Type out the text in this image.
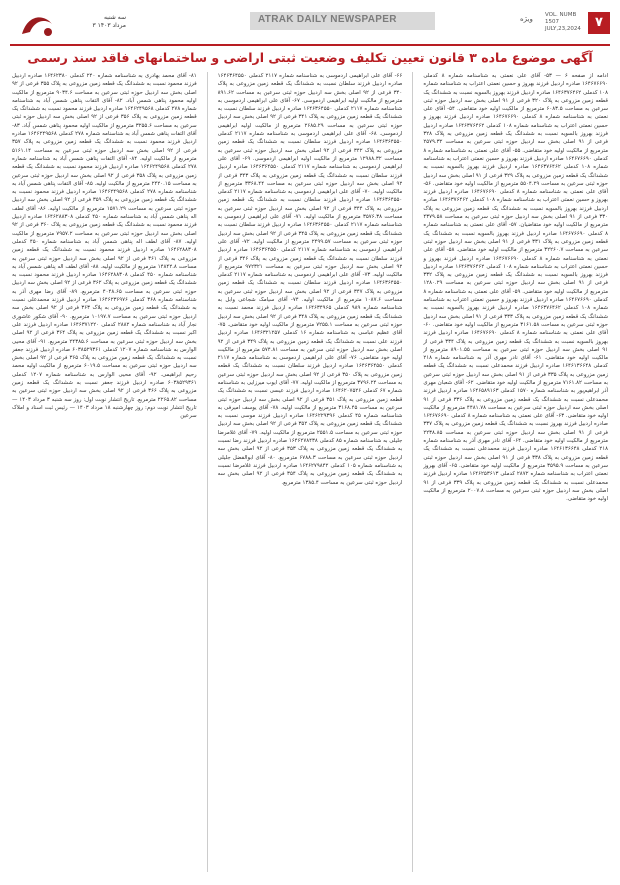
سه شنبه
۳ مرداد ۱۴۰۳
ATRAK DAILY NEWSPAPER	ویژه VOL. NUMB 1507
JULY,23,2024	۷
آگهی موضوع ماده ۳ قانون تعیین تکلیف وضعیت ثبتی اراضی و ساختمانهای فاقد سند رسمی

ادامه از صفحه ۶ — ۵۳- آقای علی نعمتی به شناسنامه شماره ۸ کدملی ۱۶۴۶۷۶۶۹۰ صادره اردبیل فرزند بهروز و حسین نعمتی اعتراب به شناسنامه شماره ۱۰۸ کدملی ۱۶۴۶۳۷۶۴۶۲ صادره اردبیل فرزند بهروز بالسویه نسبت به ششدانگ یک قطعه زمین مزروعی به پلاک ۳۲۰ فرعی از ۹۱ اصلی بخش سه اردبیل حوزه ثبتی سرعین به مساحت ۶۰۸۳.۵ مترمربع از مالکیت اولیه خود متقاضی. ۵۴- آقای علی نعمتی به شناسنامه شماره ۸ کدملی ۱۶۴۶۷۶۶۹۰ صادره اردبیل فرزند بهروز و حسین نعمتی اعتراب به شناسنامه شماره ۱۰۸ کدملی ۱۶۴۶۳۷۶۴۶۲ صادره اردبیل فرزند بهروز بالسویه نسبت به ششدانگ یک قطعه زمین مزروعی به پلاک ۳۲۸ فرعی از ۹۱ اصلی بخش سه اردبیل حوزه ثبتی سرعین به مساحت ۲۵۷۹.۳۲ مترمربع از مالکیت اولیه خود متقاضی. ۵۵- آقای علی نعمتی به شناسنامه شماره ۸ کدملی ۱۶۴۶۷۶۶۹۰ صادره اردبیل فرزند بهروز و حسین نعمتی اعتراب به شناسنامه شماره ۱۰۸ کدملی ۱۶۴۶۳۷۶۴۶۲ صادره اردبیل فرزند بهروز بالسویه نسبت به ششدانگ یک قطعه زمین مزروعی به پلاک ۳۲۹ فرعی از ۹۱ اصلی بخش سه اردبیل حوزه ثبتی سرعین به مساحت ۵۵۰۴.۲۹ مترمربع از مالکیت اولیه خود متقاضی. ۵۶- آقای علی نعمتی به شناسنامه شماره ۸ کدملی ۱۶۴۶۷۶۶۹۰ صادره اردبیل فرزند بهروز و حسین نعمتی اعتراب به شناسنامه شماره ۱۰۸ کدملی ۱۶۴۶۳۷۶۴۶۲ صادره اردبیل فرزند بهروز بالسویه نسبت به ششدانگ یک قطعه زمین مزروعی به پلاک ۳۳۰ فرعی از ۹۱ اصلی بخش سه اردبیل حوزه ثبتی سرعین به مساحت ۴۳۷۹.۵۸ مترمربع از مالکیت اولیه خود متقاضیان. ۵۷- آقای علی نعمتی به شناسنامه شماره ۸ کدملی ۱۶۴۶۷۶۶۹۰ صادره اردبیل فرزند بهروز بالسویه نسبت به ششدانگ یک قطعه زمین مزروعی به پلاک ۳۳۱ فرعی از ۹۱ اصلی بخش سه اردبیل حوزه ثبتی سرعین به مساحت ۳۲۲۶۰.۷ مترمربع از مالکیت اولیه خود متقاضی. ۵۸- آقای علی نعمتی به شناسنامه شماره ۸ کدملی ۱۶۴۶۷۶۶۹۰ صادره اردبیل فرزند بهروز و حسین نعمتی اعتراب به شناسنامه شماره ۱۰۸ کدملی ۱۶۴۶۳۷۶۴۶۲ صادره اردبیل فرزند بهروز بالسویه نسبت به ششدانگ یک قطعه زمین مزروعی به پلاک ۳۳۲ فرعی از ۹۱ اصلی بخش سه اردبیل حوزه ثبتی سرعین به مساحت ۱۲۸۰.۲۹ مترمربع از مالکیت اولیه خود متقاضی. ۵۹- آقای علی نعمتی به شناسنامه شماره ۸ کدملی ۱۶۴۶۷۶۶۹۰ صادره اردبیل فرزند بهروز و حسین نعمتی اعتراب به شناسنامه شماره ۱۰۸ کدملی ۱۶۴۶۳۷۶۴۶۲ صادره اردبیل فرزند بهروز بالسویه نسبت به ششدانگ یک قطعه زمین مزروعی به پلاک ۳۳۳ فرعی از ۹۱ اصلی بخش سه اردبیل حوزه ثبتی سرعین به مساحت ۳۱۶۱.۵۸ مترمربع از مالکیت اولیه خود متقاضی. ۶۰- آقای علی نعمتی به شناسنامه شماره ۸ کدملی ۱۶۴۶۷۶۶۹۰ صادره اردبیل فرزند بهروز بالسویه نسبت به ششدانگ یک قطعه زمین مزروعی به پلاک ۳۳۴ فرعی از ۹۱ اصلی بخش سه اردبیل حوزه ثبتی سرعین به مساحت ۸۹۰۱.۵۵ مترمربع از مالکیت اولیه خود متقاضی. ۶۱- آقای نادر مهری آذر به شناسنامه شماره ۲۱۸ کدملی ۱۶۴۶۱۳۶۶۴۸ صادره اردبیل فرزند محمدعلی نسبت به ششدانگ یک قطعه زمین مزروعی به پلاک ۳۳۵ فرعی از ۹۱ اصلی بخش سه اردبیل حوزه ثبتی سرعین به مساحت ۷۱۶۱.۸۲ مترمربع از مالکیت اولیه خود متقاضی. ۶۲- آقای شعبان مهری آذر ابراهیم‌پور به شناسنامه شماره ۱۵۷۰ کدملی ۱۶۴۶۵۸۹۱۶۳ صادره اردبیل فرزند محمدعلی نسبت به ششدانگ یک قطعه زمین مزروعی به پلاک ۳۳۶ فرعی از ۹۱ اصلی بخش سه اردبیل حوزه ثبتی سرعین به مساحت ۴۴۸۱.۷۸ مترمربع از مالکیت اولیه خود متقاضی. ۶۳- آقای علی نعمتی به شناسنامه شماره ۸ کدملی ۱۶۴۶۷۶۶۹۰ صادره اردبیل فرزند بهروز نسبت به ششدانگ یک قطعه زمین مزروعی به پلاک ۳۳۷ فرعی از ۹۱ اصلی بخش سه اردبیل حوزه ثبتی سرعین به مساحت ۲۲۳۸.۸۵ مترمربع از مالکیت اولیه خود متقاضی. ۶۴- آقای نادر مهری آذر به شناسنامه شماره ۲۱۸ کدملی ۱۶۴۶۱۳۶۶۴۸ صادره اردبیل فرزند محمدعلی نسبت به ششدانگ یک قطعه زمین مزروعی به پلاک ۳۳۸ فرعی از ۹۱ اصلی بخش سه اردبیل حوزه ثبتی سرعین به مساحت ۳۵۹۵.۹ مترمربع از مالکیت اولیه خود متقاضی. ۶۵- آقای بهروز نعمتی اعتراب به شناسنامه شماره ۲۸۷۲ کدملی ۱۶۴۶۲۵۳۶۱۳ صادره اردبیل فرزند محمدعلی نسبت به ششدانگ یک قطعه زمین مزروعی به پلاک ۳۳۹ فرعی از ۹۱ اصلی بخش سه اردبیل حوزه ثبتی سرعین به مساحت ۲۰۰۷.۸ مترمربع از مالکیت اولیه خود متقاضی.

۶۶- آقای علی ابراهیمی اردموسی به شناسنامه شماره ۲۱۱۷ کدملی ۱۶۴۶۳۶۴۵۵۰ صادره اردبیل فرزند سلطان نسبت به ششدانگ یک قطعه زمین مزروعی به پلاک ۳۴۰ فرعی از ۹۲ اصلی بخش سه اردبیل حوزه ثبتی سرعین به مساحت ۸۹۱.۶۲ مترمربع از مالکیت اولیه ابراهیمی اردموسی. ۶۷- آقای علی ابراهیمی اردموسی به شناسنامه شماره ۲۱۱۷ کدملی ۱۶۴۶۳۶۴۵۵۰ صادره اردبیل فرزند سلطان نسبت به ششدانگ یک قطعه زمین مزروعی به پلاک ۳۴۱ فرعی از ۹۲ اصلی بخش سه اردبیل حوزه ثبتی سرعین به مساحت ۲۶۸۵.۲۹ مترمربع از مالکیت اولیه ابراهیمی اردموسی. ۶۸- آقای علی ابراهیمی اردموسی به شناسنامه شماره ۲۱۱۷ کدملی ۱۶۴۶۳۶۴۵۵۰ صادره اردبیل فرزند سلطان نسبت به ششدانگ یک قطعه زمین مزروعی به پلاک ۳۴۲ فرعی از ۹۲ اصلی بخش سه اردبیل حوزه ثبتی سرعین به مساحت ۱۲۹۸۸.۳۲ مترمربع از مالکیت اولیه ابراهیمی اردموسی. ۶۹- آقای علی ابراهیمی اردموسی به شناسنامه شماره ۲۱۱۷ کدملی ۱۶۴۶۳۶۴۵۵۰ صادره اردبیل فرزند سلطان نسبت به ششدانگ یک قطعه زمین مزروعی به پلاک ۳۴۳ فرعی از ۹۲ اصلی بخش سه اردبیل حوزه ثبتی سرعین به مساحت ۳۳۶۸.۴۴ مترمربع از مالکیت اولیه. ۷۰- آقای علی ابراهیمی اردموسی به شناسنامه شماره ۲۱۱۷ کدملی ۱۶۴۶۳۶۴۵۵۰ صادره اردبیل فرزند سلطان نسبت به ششدانگ یک قطعه زمین مزروعی به پلاک ۳۴۴ فرعی از ۹۲ اصلی بخش سه اردبیل حوزه ثبتی سرعین به مساحت ۳۵۷۶.۳۸ مترمربع از مالکیت اولیه. ۷۱- آقای علی ابراهیمی اردموسی به شناسنامه شماره ۲۱۱۷ کدملی ۱۶۴۶۳۶۴۵۵۰ صادره اردبیل فرزند سلطان نسبت به ششدانگ یک قطعه زمین مزروعی به پلاک ۳۴۵ فرعی از ۹۲ اصلی بخش سه اردبیل حوزه ثبتی سرعین به مساحت ۲۴۹۹.۵۷ مترمربع از مالکیت اولیه. ۷۲- آقای علی ابراهیمی اردموسی به شناسنامه شماره ۲۱۱۷ کدملی ۱۶۴۶۳۶۴۵۵۰ صادره اردبیل فرزند سلطان نسبت به ششدانگ یک قطعه زمین مزروعی به پلاک ۳۴۶ فرعی از ۹۲ اصلی بخش سه اردبیل حوزه ثبتی سرعین به مساحت ۹۷۲۳۲۱ مترمربع از مالکیت اولیه. ۷۳- آقای علی ابراهیمی اردموسی به شناسنامه شماره ۲۱۱۷ کدملی ۱۶۴۶۳۶۴۵۵۰ صادره اردبیل فرزند سلطان نسبت به ششدانگ یک قطعه زمین مزروعی به پلاک ۳۴۷ فرعی از ۹۲ اصلی بخش سه اردبیل حوزه ثبتی سرعین به مساحت ۱۰۸۷.۶ مترمربع از مالکیت اولیه. ۷۴- آقای سیامک شجاعی وابل به شناسنامه شماره ۹۸۹ کدملی ۱۶۴۶۳۴۹۶۵ صادره اردبیل فرزند محمد نسبت به ششدانگ یک قطعه زمین مزروعی به پلاک ۳۴۸ فرعی از ۹۲ اصلی بخش سه اردبیل حوزه ثبتی سرعین به مساحت ۷۲۵۵.۱ مترمربع از مالکیت اولیه خود متقاضی. ۷۵- آقای عظیم عباسی به شناسنامه شماره ۱۶ کدملی ۱۶۴۶۳۲۱۲۵۷ صادره اردبیل فرزند علی نسبت به ششدانگ یک قطعه زمین مزروعی به پلاک ۳۴۹ فرعی از ۹۲ اصلی بخش سه اردبیل حوزه ثبتی سرعین به مساحت ۵۷۴.۸۱ مترمربع از مالکیت اولیه خود متقاضی. ۷۶- آقای علی ابراهیمی اردموسی به شناسنامه شماره ۲۱۱۷ کدملی ۱۶۴۶۳۶۴۵۵۰ صادره اردبیل فرزند سلطان نسبت به ششدانگ یک قطعه زمین مزروعی به پلاک ۳۵۰ فرعی از ۹۲ اصلی بخش سه اردبیل حوزه ثبتی سرعین به مساحت ۳۷۹۶.۲۴ مترمربع از مالکیت اولیه. ۷۷- آقای ایوب میرزایی به شناسنامه شماره ۶۷ کدملی ۱۶۴۶۲۰۷۵۲۶ صادره اردبیل فرزند عیسی نسبت به ششدانگ یک قطعه زمین مزروعی به پلاک ۳۵۱ فرعی از ۹۲ اصلی بخش سه اردبیل حوزه ثبتی سرعین به مساحت ۳۱۶۸.۴۵ مترمربع از مالکیت اولیه. ۷۸- آقای یوسف امیرفی به شناسنامه شماره ۴۵ کدملی ۱۶۴۶۲۲۹۳۹۶ صادره اردبیل فرزند موسی نسبت به ششدانگ یک قطعه زمین مزروعی به پلاک ۳۵۲ فرعی از ۹۲ اصلی بخش سه اردبیل حوزه ثبتی سرعین به مساحت ۲۵۵۱.۵ مترمربع از مالکیت اولیه. ۷۹- آقای غلامرضا جلیلی به شناسنامه شماره ۸۵ کدملی ۱۶۴۶۲۷۸۴۳۸ صادره اردبیل فرزند رضا نسبت به ششدانگ یک قطعه زمین مزروعی به پلاک ۳۵۳ فرعی از ۹۲ اصلی بخش سه اردبیل حوزه ثبتی سرعین به مساحت ۶۷۸۸.۳ مترمربع. ۸۰- آقای ابوالفضل جلیلی به شناسنامه شماره ۱۰۵ کدملی ۱۶۴۶۲۷۹۸۴۲ صادره اردبیل فرزند غلامرضا نسبت به ششدانگ یک قطعه زمین مزروعی به پلاک ۳۵۴ فرعی از ۹۲ اصلی بخش سه اردبیل حوزه ثبتی سرعین به مساحت ۱۳۸۵.۴ مترمربع.

۸۱- آقای محمد بهادری به شناسنامه شماره ۲۴۰ کدملی ۱۶۴۶۲۳۸۰ صادره اردبیل فرزند محمود نسبت به ششدانگ یک قطعه زمین مزروعی به پلاک ۳۵۵ فرعی از ۹۲ اصلی بخش سه اردبیل حوزه ثبتی سرعین به مساحت ۹۰۳۴.۶ مترمربع از مالکیت اولیه محمود پناهی شمس آباد. ۸۲- آقای التفات پناهی شمس آباد به شناسنامه شماره ۲۷۸ کدملی ۱۶۴۶۲۴۹۵۶۸ صادره اردبیل فرزند محمود نسبت به ششدانگ یک قطعه زمین مزروعی به پلاک ۳۵۶ فرعی از ۹۲ اصلی بخش سه اردبیل حوزه ثبتی سرعین به مساحت ۳۲۵۵.۶ مترمربع از مالکیت اولیه محمود پناهی شمس آباد. ۸۳- آقای التفات پناهی شمس آباد به شناسنامه شماره ۲۷۸ کدملی ۱۶۴۶۲۴۹۵۶۸ صادره اردبیل فرزند محمود نسبت به ششدانگ یک قطعه زمین مزروعی به پلاک ۳۵۷ فرعی از ۹۲ اصلی بخش سه اردبیل حوزه ثبتی سرعین به مساحت ۵۱۶۱.۱۴ مترمربع از مالکیت اولیه. ۸۴- آقای التفات پناهی شمس آباد به شناسنامه شماره ۲۷۸ کدملی ۱۶۴۶۲۴۹۵۶۸ صادره اردبیل فرزند محمود نسبت به ششدانگ یک قطعه زمین مزروعی به پلاک ۳۵۸ فرعی از ۹۲ اصلی بخش سه اردبیل حوزه ثبتی سرعین به مساحت ۲۴۲۰.۱۵ مترمربع از مالکیت اولیه. ۸۵- آقای التفات پناهی شمس آباد به شناسنامه شماره ۲۷۸ کدملی ۱۶۴۶۲۴۹۵۶۸ صادره اردبیل فرزند محمود نسبت به ششدانگ یک قطعه زمین مزروعی به پلاک ۳۵۹ فرعی از ۹۲ اصلی بخش سه اردبیل حوزه ثبتی سرعین به مساحت ۱۵۷۱.۲۹ مترمربع از مالکیت اولیه. ۸۶- آقای لطف اله پناهی شمس آباد به شناسنامه شماره ۴۵۰ کدملی ۱۶۴۶۲۸۸۳۰۸ صادره اردبیل فرزند محمود نسبت به ششدانگ یک قطعه زمین مزروعی به پلاک ۳۶۰ فرعی از ۹۲ اصلی بخش سه اردبیل حوزه ثبتی سرعین به مساحت ۷۹۵۷.۲ مترمربع از مالکیت اولیه. ۸۷- آقای لطف اله پناهی شمس آباد به شناسنامه شماره ۴۵۰ کدملی ۱۶۴۶۲۸۸۳۰۸ صادره اردبیل فرزند محمود نسبت به ششدانگ یک قطعه زمین مزروعی به پلاک ۳۶۱ فرعی از ۹۲ اصلی بخش سه اردبیل حوزه ثبتی سرعین به مساحت ۱۴۸۴۲.۸ مترمربع از مالکیت اولیه. ۸۸- آقای لطف اله پناهی شمس آباد به شناسنامه شماره ۴۵۰ کدملی ۱۶۴۶۲۸۸۳۰۸ صادره اردبیل فرزند محمود نسبت به ششدانگ یک قطعه زمین مزروعی به پلاک ۳۶۲ فرعی از ۹۲ اصلی بخش سه اردبیل حوزه ثبتی سرعین به مساحت ۴۰۴۸.۶۵ مترمربع. ۸۹- آقای رضا مهری آذر به شناسنامه شماره ۳۶۸ کدملی ۱۶۴۶۲۳۶۹۷۶ صادره اردبیل فرزند محمدعلی نسبت به ششدانگ یک قطعه زمین مزروعی به پلاک ۳۶۳ فرعی از ۹۲ اصلی بخش سه اردبیل حوزه ثبتی سرعین به مساحت ۱۰۱۹۷.۷ مترمربع. ۹۰- آقای شکور عاشوری نجار آباد به شناسنامه شماره ۲۸۸۲ کدملی ۱۶۴۶۳۷۱۲۲۰ صادره اردبیل فرزند علی اکبر نسبت به ششدانگ یک قطعه زمین مزروعی به پلاک ۳۶۴ فرعی از ۹۲ اصلی بخش سه اردبیل حوزه ثبتی سرعین به مساحت ۲۴۳۸۵.۶ مترمربع. ۹۱- آقای محیی الوارس به شناسنامه شماره ۱۲۰۷ کدملی ۶۰۳۸۵۲۹۳۶۱ صادره اردبیل فرزند جعفر نسبت به ششدانگ یک قطعه زمین مزروعی به پلاک ۳۶۵ فرعی از ۹۲ اصلی بخش سه اردبیل حوزه ثبتی سرعین به مساحت ۶۰۱۹.۵ مترمربع از مالکیت اولیه محمد رحیم ابراهیمی. ۹۲- آقای محیی الوارس به شناسنامه شماره ۱۲۰۷ کدملی ۶۰۳۸۵۲۹۳۶۱ صادره اردبیل فرزند جعفر نسبت به ششدانگ یک قطعه زمین مزروعی به پلاک ۳۶۶ فرعی از ۹۲ اصلی بخش سه اردبیل حوزه ثبتی سرعین به مساحت ۲۲۶۵.۸۲ مترمربع. تاریخ انتشار نوبت اول: روز سه شنبه ۳ مرداد ۱۴۰۳ — تاریخ انتشار نوبت دوم: روز چهارشنبه ۱۸ مرداد ۱۴۰۳ — رئیس ثبت اسناد و املاک سرعین
